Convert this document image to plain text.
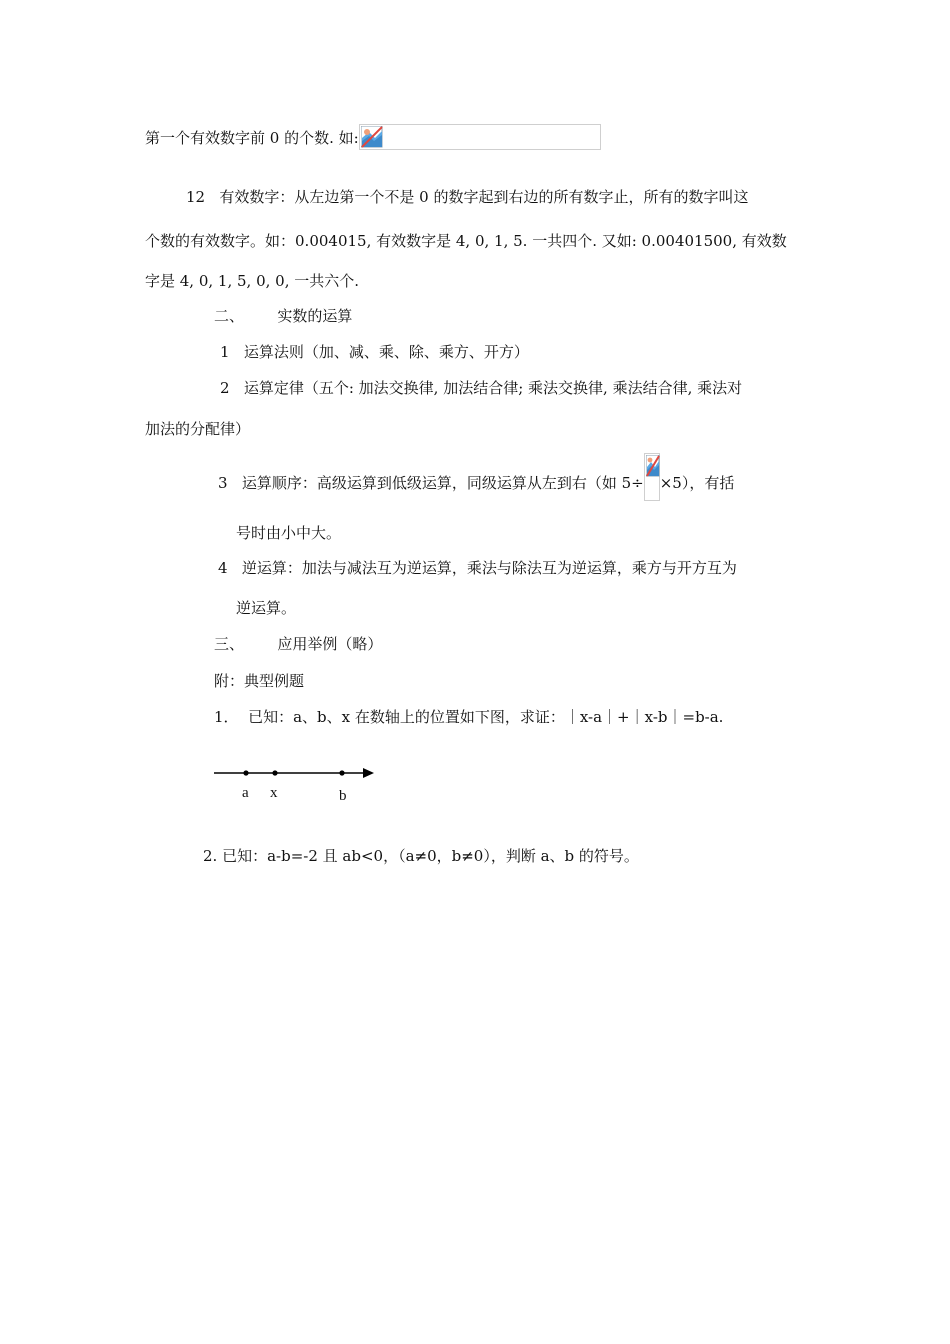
第一个有效数字前 0 的个数. 如:
12   有效数字：从左边第一个不是 0 的数字起到右边的所有数字止，所有的数字叫这
个数的有效数字。如：0.004015, 有效数字是 4, 0, 1, 5. 一共四个. 又如: 0.00401500, 有效数
字是 4, 0, 1, 5, 0, 0, 一共六个.
二、       实数的运算
1   运算法则（加、减、乘、除、乘方、开方）
2   运算定律（五个: 加法交换律, 加法结合律; 乘法交换律, 乘法结合律, 乘法对
加法的分配律）
3   运算顺序：高级运算到低级运算，同级运算从左到右（如 5÷ ×5），有括
号时由小中大。
4   逆运算：加法与减法互为逆运算，乘法与除法互为逆运算，乘方与开方互为
逆运算。
三、       应用举例（略）
附：典型例题
1．  已知：a、b、x 在数轴上的位置如下图，求证：｜x-a｜+｜x-b｜=b-a.
a x	b
2. 已知：a-b=-2 且 ab<0，（a≠0，b≠0），判断 a、b 的符号。
